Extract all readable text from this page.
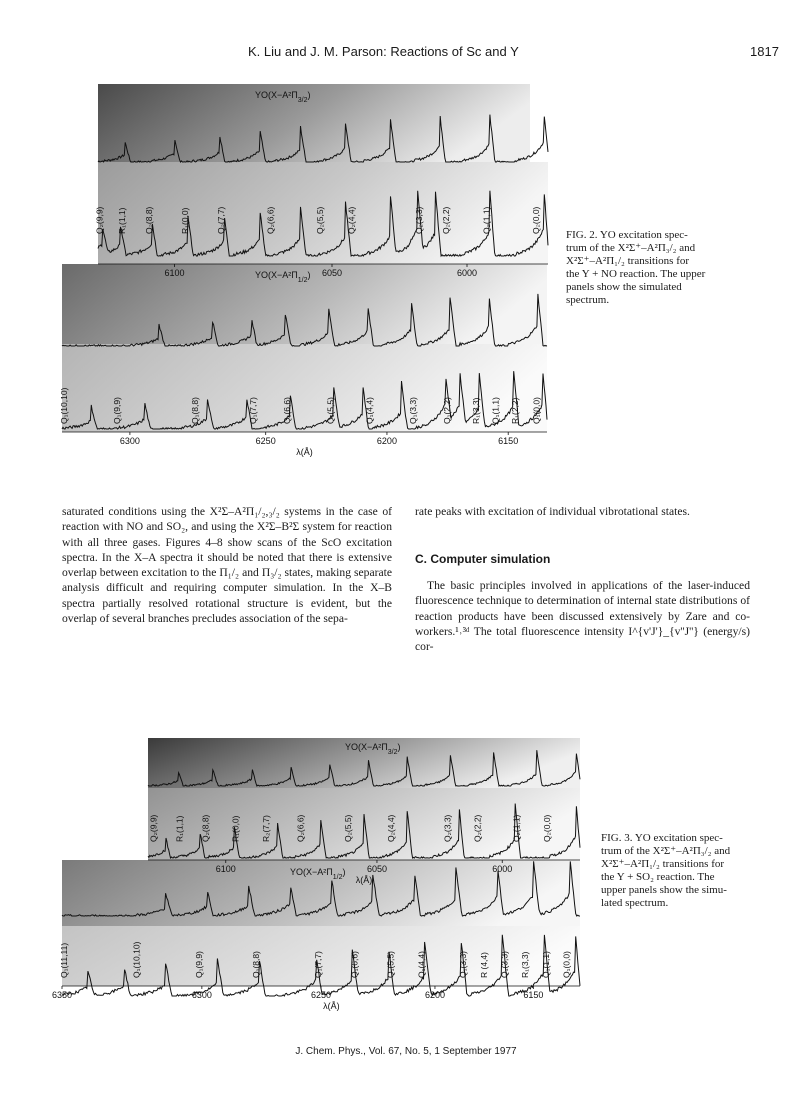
K. Liu and J. M. Parson: Reactions of Sc and Y	1817
$YO(X-A^2\Pi_{3/2})$
Q₂(9,9) R₁(1,1) Q₂(8,8)	R₁(0,0)	Q₂(7,7)	Q₂(6,6)	Q₂(5,5)	Q₂(4,4)	Q₂(3,3) Q₂(2,2)	Q₂(1,1)	Q₂(0,0)
6100	6050	6000
$YO(X-A^2\Pi_{1/2})$
Q₁(10,10)	Q₁(9,9)	Q₁(8,8)	Q₁(7,7)	Q₁(6,6)	Q₁(5,5)	Q₁(4,4)	Q₁(3,3)	Q₁(2,2) R₁(3,3) Q₁(1,1) R₁(2,2) Q₁(0,0)
6300	6250	6200	6150
λ(Å)
$YO(X-A^2\Pi_{3/2})$
Q₂(9,9) R₁(1,1) Q₂(8,8) R₁(0,0) R₂(7,7)	Q₂(6,6)	Q₂(5,5)	Q₂(4,4)	Q₂(3,3) Q₂(2,2)	Q₂(1,1) Q₂(0,0)
6100	6050	6000
λ(Å)
$YO(X-A^2\Pi_{1/2})$
Q₁(11,11)	Q₁(10,10)	Q₁(9,9)	Q₁(8,8)	Q₁(7,7)	Q₁(6,6)	Q₁(5,5) Q₁(4,4)	Q₁(3,3) R (4,4) Q₁(3,3) R₁(3,3) Q₁(1,1) Q₁(0,0)
6350	6300	6250	6200	6150
λ(Å)

FIG. 2. YO excitation spec-

trum of the X²Σ⁺–A²Π₃/₂ and

X²Σ⁺–A²Π₁/₂ transitions for

the Y + NO reaction. The upper

panels show the simulated

spectrum.

FIG. 3. YO excitation spec-

trum of the X²Σ⁺–A²Π₃/₂ and

X²Σ⁺–A²Π₁/₂ transitions for

the Y + SO₂ reaction. The

upper panels show the simu-

lated spectrum.

saturated conditions using the X²Σ–A²Π₁/₂,₃/₂ systems in the case of reaction with NO and SO₂, and using the X²Σ–B²Σ system for reaction with all three gases. Figures 4–8 show scans of the ScO excitation spectra. In the X–A spectra it should be noted that there is extensive overlap between excitation to the Π₁/₂ and Π₃/₂ states, making separate analysis difficult and requiring computer simulation. In the X–B spectra partially resolved rotational structure is evident, but the overlap of several branches precludes association of the sepa-

rate peaks with excitation of individual vibrotational states.

C. Computer simulation

The basic principles involved in applications of the laser-induced fluorescence technique to determination of internal state distributions of reaction products have been discussed extensively by Zare and co-workers.¹˒³ᵈ The total fluorescence intensity I^{v'J'}_{v''J''} (energy/s) cor-

J. Chem. Phys., Vol. 67, No. 5, 1 September 1977
